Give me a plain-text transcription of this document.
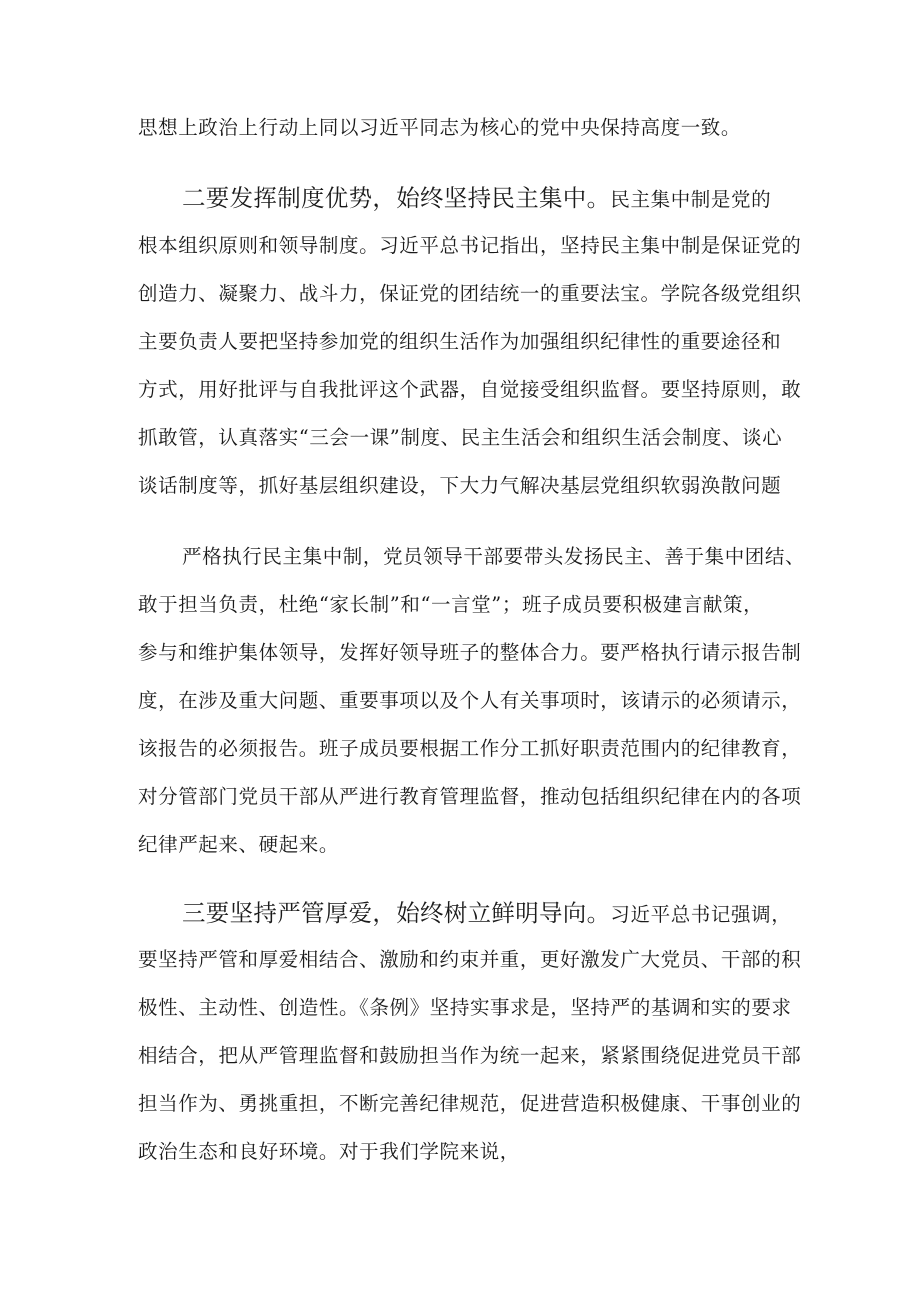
思想上政治上行动上同以习近平同志为核心的党中央保持高度一致。
二要发挥制度优势，始终坚持民主集中。民主集中制是党的
根本组织原则和领导制度。习近平总书记指出，坚持民主集中制是保证党的
创造力、凝聚力、战斗力，保证党的团结统一的重要法宝。学院各级党组织
主要负责人要把坚持参加党的组织生活作为加强组织纪律性的重要途径和
方式，用好批评与自我批评这个武器，自觉接受组织监督。要坚持原则，敢
抓敢管，认真落实“三会一课”制度、民主生活会和组织生活会制度、谈心
谈话制度等，抓好基层组织建设，下大力气解决基层党组织软弱涣散问题
严格执行民主集中制，党员领导干部要带头发扬民主、善于集中团结、
敢于担当负责，杜绝“家长制”和“一言堂”；班子成员要积极建言献策，
参与和维护集体领导，发挥好领导班子的整体合力。要严格执行请示报告制
度，在涉及重大问题、重要事项以及个人有关事项时，该请示的必须请示，
该报告的必须报告。班子成员要根据工作分工抓好职责范围内的纪律教育，
对分管部门党员干部从严进行教育管理监督，推动包括组织纪律在内的各项
纪律严起来、硬起来。
三要坚持严管厚爱，始终树立鲜明导向。习近平总书记强调，
要坚持严管和厚爱相结合、激励和约束并重，更好激发广大党员、干部的积
极性、主动性、创造性。《条例》坚持实事求是，坚持严的基调和实的要求
相结合，把从严管理监督和鼓励担当作为统一起来，紧紧围绕促进党员干部
担当作为、勇挑重担，不断完善纪律规范，促进营造积极健康、干事创业的
政治生态和良好环境。对于我们学院来说，
